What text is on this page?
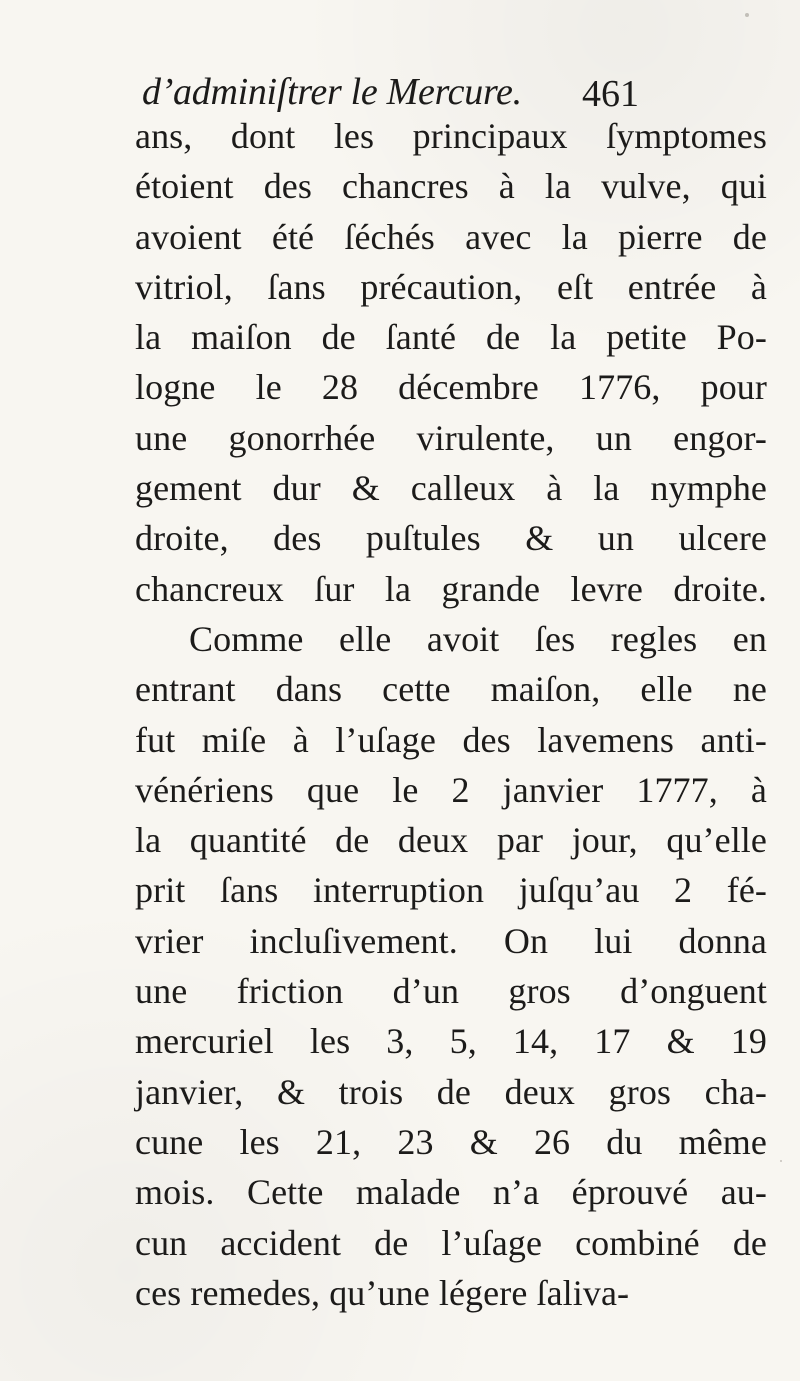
d’adminiſtrer le Mercure. 461
ans, dont les principaux ſymptomes
étoient des chancres à la vulve, qui
avoient été ſéchés avec la pierre de
vitriol, ſans précaution, eſt entrée à
la maiſon de ſanté de la petite Po-
logne le 28 décembre 1776, pour
une gonorrhée virulente, un engor-
gement dur & calleux à la nymphe
droite, des puſtules & un ulcere
chancreux ſur la grande levre droite.
Comme elle avoit ſes regles en
entrant dans cette maiſon, elle ne
fut miſe à l’uſage des lavemens anti-
vénériens que le 2 janvier 1777, à
la quantité de deux par jour, qu’elle
prit ſans interruption juſqu’au 2 fé-
vrier incluſivement. On lui donna
une friction d’un gros d’onguent
mercuriel les 3, 5, 14, 17 & 19
janvier, & trois de deux gros cha-
cune les 21, 23 & 26 du même
mois. Cette malade n’a éprouvé au-
cun accident de l’uſage combiné de
ces remedes, qu’une légere ſaliva-
